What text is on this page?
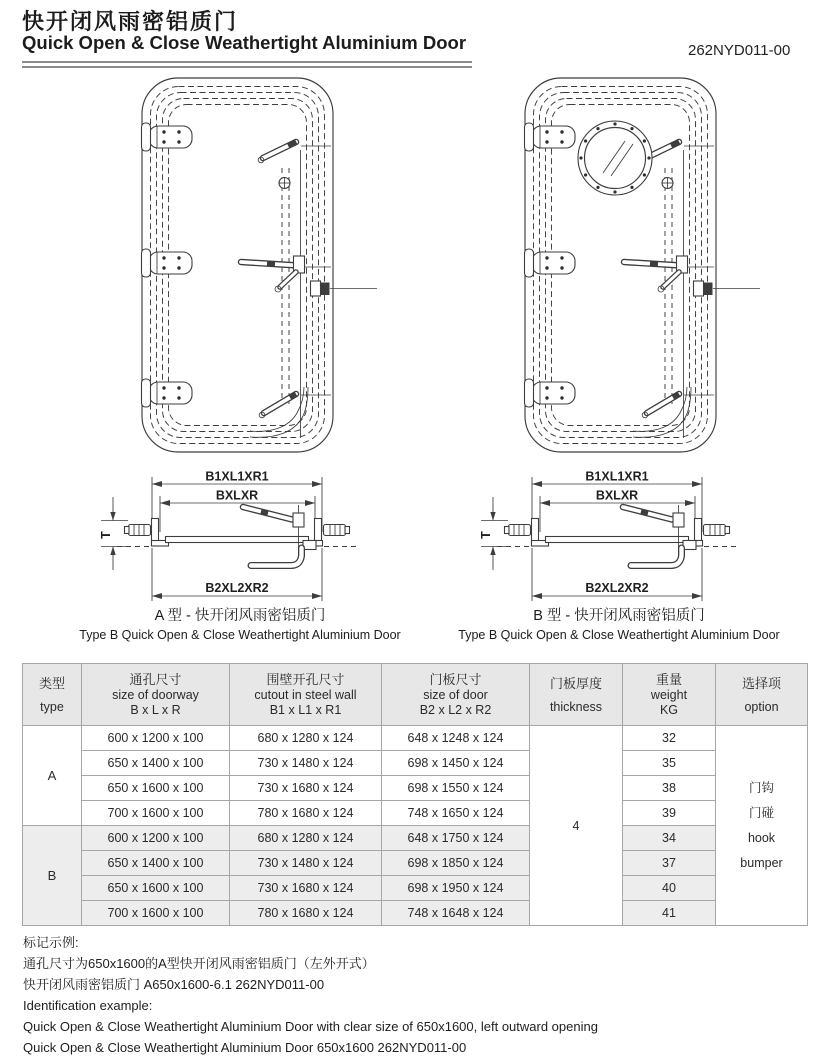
快开闭风雨密铝质门
Quick Open & Close Weathertight Aluminium Door	262NYD011-00
B1XL1XR1
BXLXR
B2XL2XR2
T
B1XL1XR1
BXLXR
B2XL2XR2
T
A 型 - 快开闭风雨密铝质门
Type B Quick Open & Close Weathertight Aluminium Door
B 型 - 快开闭风雨密铝质门
Type B Quick Open & Close Weathertight Aluminium Door
类型
type	通孔尺寸
size of doorway
B x L x R	围壁开孔尺寸
cutout in steel wall
B1 x L1 x R1	门板尺寸
size of door
B2 x L2 x R2	门板厚度
thickness	重量
weight
KG	选择项
option

A	600 x 1200 x 100	680 x 1280 x 124	648 x 1248 x 124	4	32	门钩
门碰
hook
bumper

	650 x 1400 x 100	730 x 1480 x 124	698 x 1450 x 124		35	
	650 x 1600 x 100	730 x 1680 x 124	698 x 1550 x 124		38	
	700 x 1600 x 100	780 x 1680 x 124	748 x 1650 x 124		39	
B	600 x 1200 x 100	680 x 1280 x 124	648 x 1750 x 124		34	
	650 x 1400 x 100	730 x 1480 x 124	698 x 1850 x 124		37	
	650 x 1600 x 100	730 x 1680 x 124	698 x 1950 x 124		40	
	700 x 1600 x 100	780 x 1680 x 124	748 x 1648 x 124		41	
标记示例:
通孔尺寸为650x1600的A型快开闭风雨密铝质门（左外开式）
快开闭风雨密铝质门 A650x1600-6.1 262NYD011-00
Identification example:
Quick Open & Close Weathertight Aluminium Door with clear size of 650x1600, left outward opening
Quick Open & Close Weathertight Aluminium Door 650x1600 262NYD011-00
